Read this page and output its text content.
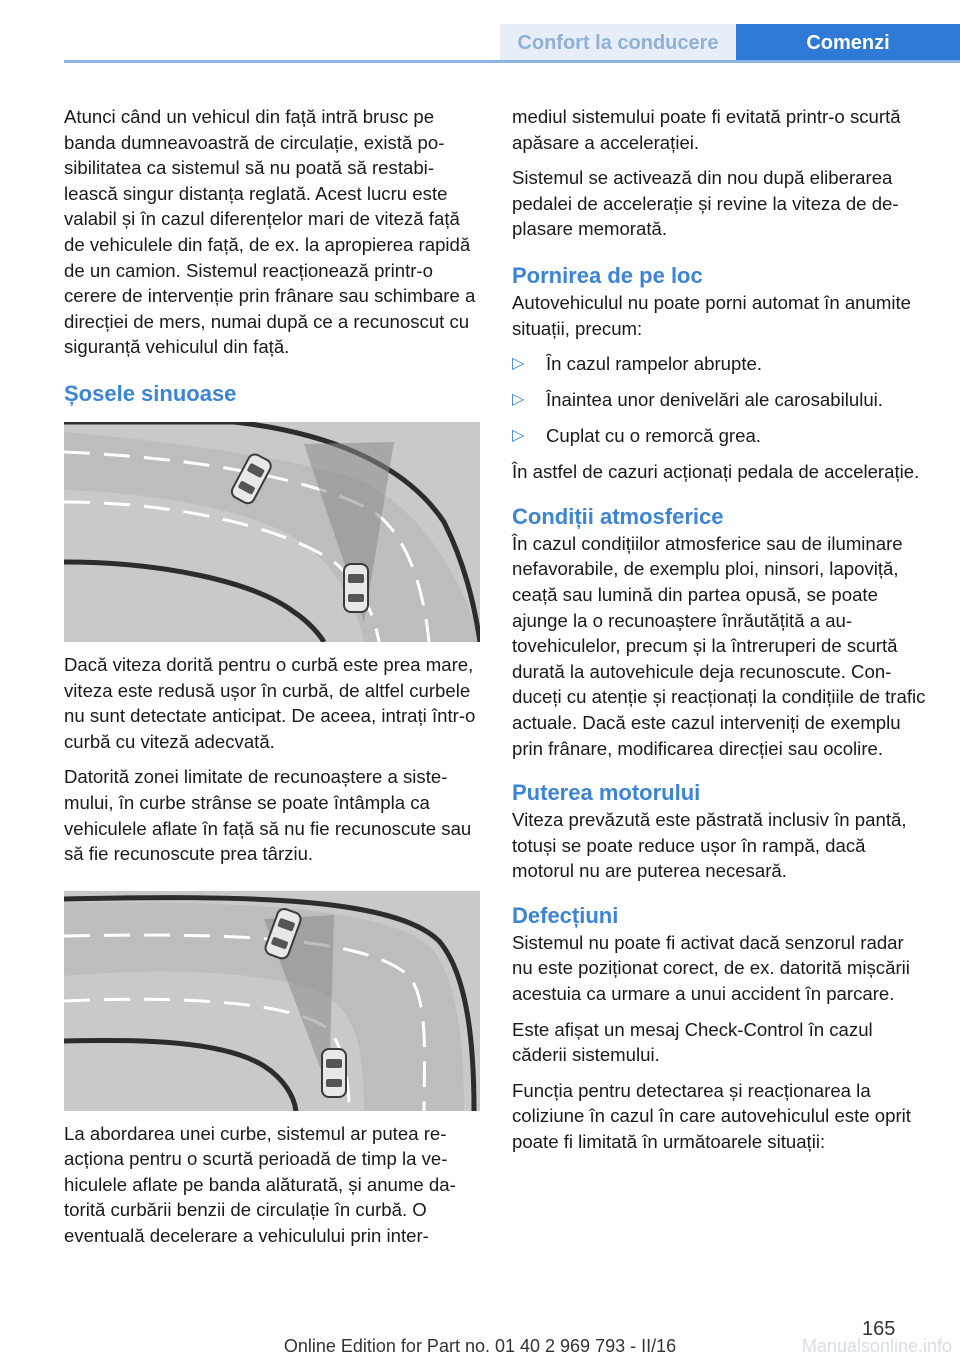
Confort la conducere	Comenzi

Atunci când un vehicul din față intră brusc pe banda dumneavoastră de circulație, există posibilitatea ca sistemul să nu poată să restabilească singur distanța reglată. Acest lucru este valabil și în cazul diferențelor mari de viteză față de vehiculele din față, de ex. la apropierea rapidă de un camion. Sistemul reacționează printr-o cerere de intervenție prin frânare sau schimbare a direcției de mers, numai după ce a recunoscut cu siguranță vehiculul din față.

Șosele sinuoase

Dacă viteza dorită pentru o curbă este prea mare, viteza este redusă ușor în curbă, de altfel curbele nu sunt detectate anticipat. De aceea, intrați într-o curbă cu viteză adecvată.

Datorită zonei limitate de recunoaștere a sistemului, în curbe strânse se poate întâmpla ca vehiculele aflate în față să nu fie recunoscute sau să fie recunoscute prea târziu.

La abordarea unei curbe, sistemul ar putea reacționa pentru o scurtă perioadă de timp la vehiculele aflate pe banda alăturată, și anume datorită curbării benzii de circulație în curbă. O eventuală decelerare a vehiculului prin inter-

mediul sistemului poate fi evitată printr-o scurtă apăsare a accelerației.

Sistemul se activează din nou după eliberarea pedalei de accelerație și revine la viteza de deplasare memorată.

Pornirea de pe loc

Autovehiculul nu poate porni automat în anumite situații, precum:

▷ În cazul rampelor abrupte.
▷ Înaintea unor denivelări ale carosabilului.
▷ Cuplat cu o remorcă grea.

În astfel de cazuri acționați pedala de accelerație.

Condiții atmosferice

În cazul condițiilor atmosferice sau de iluminare nefavorabile, de exemplu ploi, ninsori, lapoviță, ceață sau lumină din partea opusă, se poate ajunge la o recunoaștere înrăutățită a autovehiculelor, precum și la întreruperi de scurtă durată la autovehicule deja recunoscute. Conduceți cu atenție și reacționați la condițiile de trafic actuale. Dacă este cazul interveniți de exemplu prin frânare, modificarea direcției sau ocolire.

Puterea motorului

Viteza prevăzută este păstrată inclusiv în pantă, totuși se poate reduce ușor în rampă, dacă motorul nu are puterea necesară.

Defecțiuni

Sistemul nu poate fi activat dacă senzorul radar nu este poziționat corect, de ex. datorită mișcării acestuia ca urmare a unui accident în parcare.

Este afișat un mesaj Check-Control în cazul căderii sistemului.

Funcția pentru detectarea și reacționarea la coliziune în cazul în care autovehiculul este oprit poate fi limitată în următoarele situații:

165
Online Edition for Part no. 01 40 2 969 793 - II/16	Manualsonline.info
